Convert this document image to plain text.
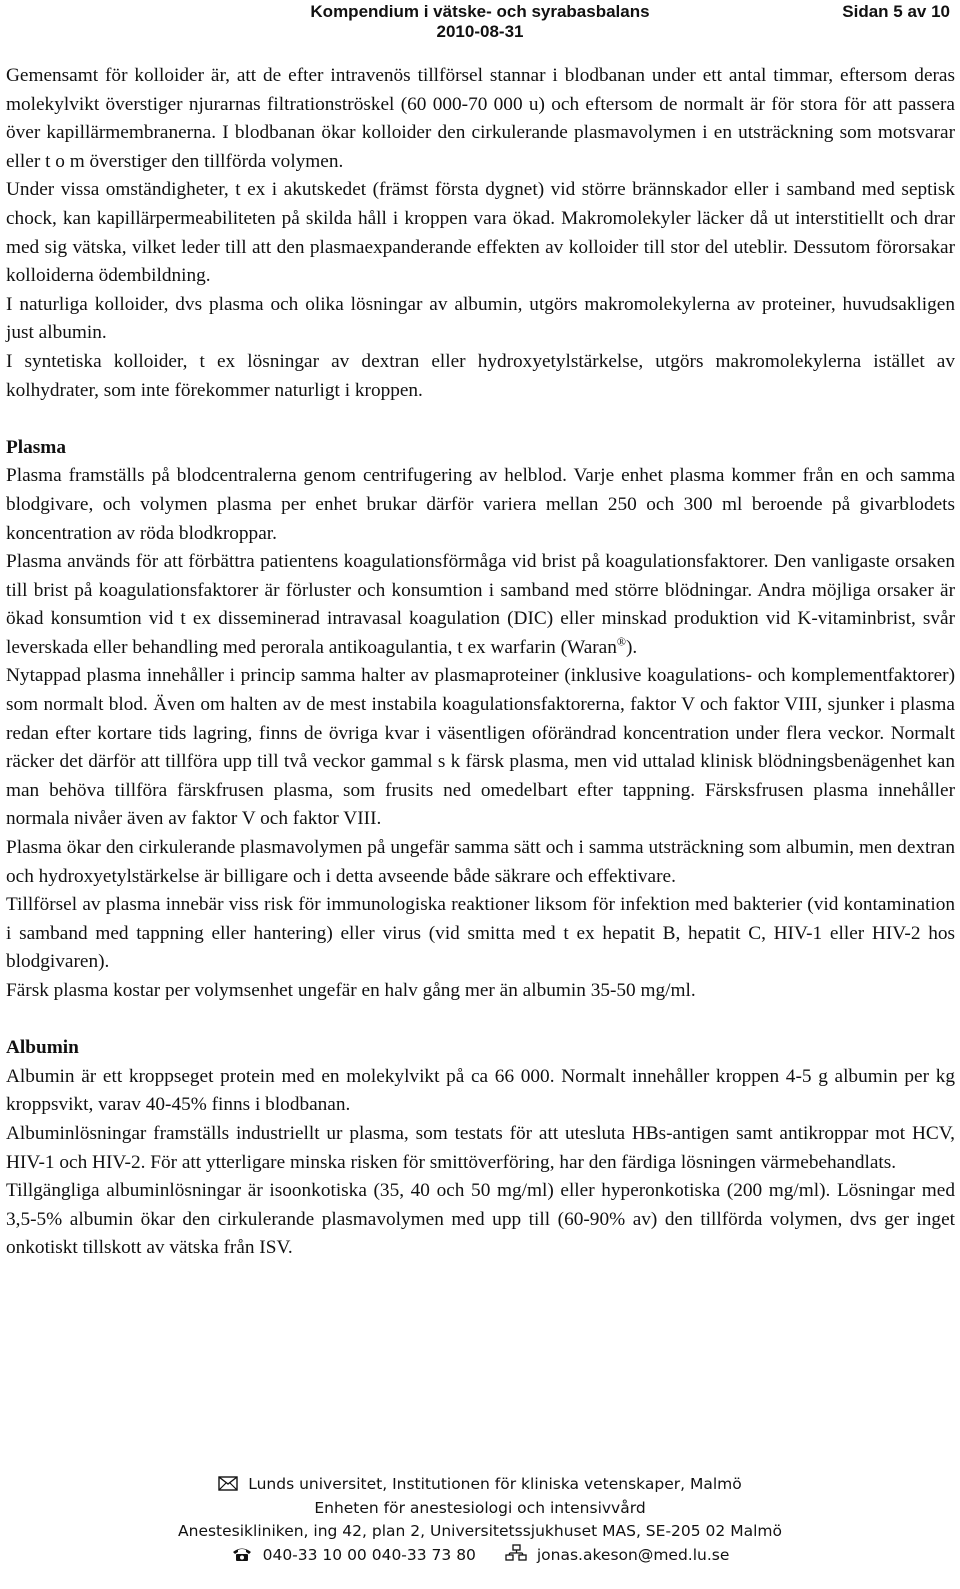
Kompendium i vätske- och syrabasbalans
2010-08-31
Sidan 5 av 10

Gemensamt för kolloider är, att de efter intravenös tillförsel stannar i blodbanan under ett antal timmar, eftersom deras molekylvikt överstiger njurarnas filtrationströskel (60 000-70 000 u) och eftersom de normalt är för stora för att passera över kapillärmembranerna. I blodbanan ökar kolloider den cirkulerande plasmavolymen i en utsträckning som motsvarar eller t o m överstiger den tillförda volymen.

Under vissa omständigheter, t ex i akutskedet (främst första dygnet) vid större brännskador eller i samband med septisk chock, kan kapillärpermeabiliteten på skilda håll i kroppen vara ökad. Makromolekyler läcker då ut interstitiellt och drar med sig vätska, vilket leder till att den plasmaexpanderande effekten av kolloider till stor del uteblir. Dessutom förorsakar kolloiderna ödembildning.

I naturliga kolloider, dvs plasma och olika lösningar av albumin, utgörs makromolekylerna av proteiner, huvudsakligen just albumin.

I syntetiska kolloider, t ex lösningar av dextran eller hydroxyetylstärkelse, utgörs makromolekylerna istället av kolhydrater, som inte förekommer naturligt i kroppen.

Plasma

Plasma framställs på blodcentralerna genom centrifugering av helblod. Varje enhet plasma kommer från en och samma blodgivare, och volymen plasma per enhet brukar därför variera mellan 250 och 300 ml beroende på givarblodets koncentration av röda blodkroppar.

Plasma används för att förbättra patientens koagulationsförmåga vid brist på koagulationsfaktorer. Den vanligaste orsaken till brist på koagulationsfaktorer är förluster och konsumtion i samband med större blödningar. Andra möjliga orsaker är ökad konsumtion vid t ex disseminerad intravasal koagulation (DIC) eller minskad produktion vid K-vitaminbrist, svår leverskada eller behandling med perorala antikoagulantia, t ex warfarin (Waran®).

Nytappad plasma innehåller i princip samma halter av plasmaproteiner (inklusive koagulations- och komplementfaktorer) som normalt blod. Även om halten av de mest instabila koagulationsfaktorerna, faktor V och faktor VIII, sjunker i plasma redan efter kortare tids lagring, finns de övriga kvar i väsentligen oförändrad koncentration under flera veckor. Normalt räcker det därför att tillföra upp till två veckor gammal s k färsk plasma, men vid uttalad klinisk blödningsbenägenhet kan man behöva tillföra färskfrusen plasma, som frusits ned omedelbart efter tappning. Färsksfrusen plasma innehåller normala nivåer även av faktor V och faktor VIII.

Plasma ökar den cirkulerande plasmavolymen på ungefär samma sätt och i samma utsträckning som albumin, men dextran och hydroxyetylstärkelse är billigare och i detta avseende både säkrare och effektivare.

Tillförsel av plasma innebär viss risk för immunologiska reaktioner liksom för infektion med bakterier (vid kontamination i samband med tappning eller hantering) eller virus (vid smitta med t ex hepatit B, hepatit C, HIV-1 eller HIV-2 hos blodgivaren).

Färsk plasma kostar per volymsenhet ungefär en halv gång mer än albumin 35-50 mg/ml.

Albumin

Albumin är ett kroppseget protein med en molekylvikt på ca 66 000. Normalt innehåller kroppen 4-5 g albumin per kg kroppsvikt, varav 40-45% finns i blodbanan.

Albuminlösningar framställs industriellt ur plasma, som testats för att utesluta HBs-antigen samt antikroppar mot HCV, HIV-1 och HIV-2. För att ytterligare minska risken för smittöverföring, har den färdiga lösningen värmebehandlats.

Tillgängliga albuminlösningar är isoonkotiska (35, 40 och 50 mg/ml) eller hyperonkotiska (200 mg/ml). Lösningar med 3,5-5% albumin ökar den cirkulerande plasmavolymen med upp till (60-90% av) den tillförda volymen, dvs ger inget onkotiskt tillskott av vätska från ISV.

Lunds universitet, Institutionen för kliniska vetenskaper, Malmö
Enheten för anestesiologi och intensivvård
Anestesikliniken, ing 42, plan 2, Universitetssjukhuset MAS, SE-205 02 Malmö
040-33 10 00 040-33 73 80	jonas.akeson@med.lu.se
